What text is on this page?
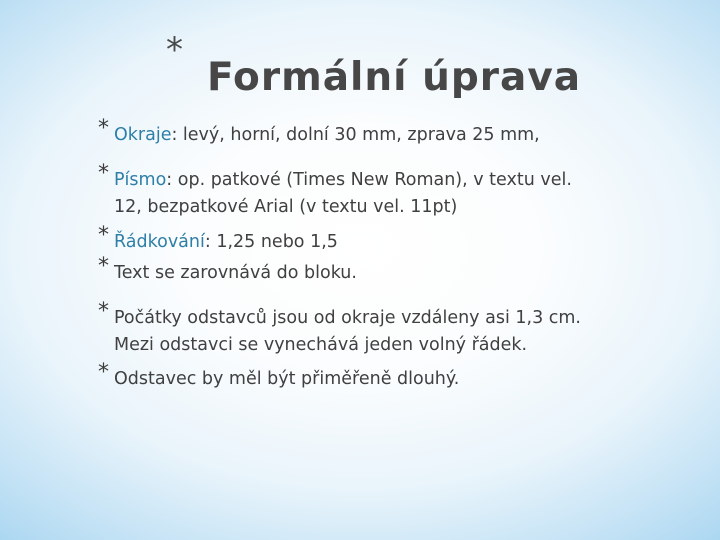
*
Formální úprava
* Okraje: levý, horní, dolní 30 mm, zprava 25 mm,
* Písmo: op. patkové (Times New Roman), v textu vel.
12, bezpatkové Arial (v textu vel. 11pt)
* Řádkování: 1,25 nebo 1,5
* Text se zarovnává do bloku.
* Počátky odstavců jsou od okraje vzdáleny asi 1,3 cm.
Mezi odstavci se vynechává jeden volný řádek.
* Odstavec by měl být přiměřeně dlouhý.
